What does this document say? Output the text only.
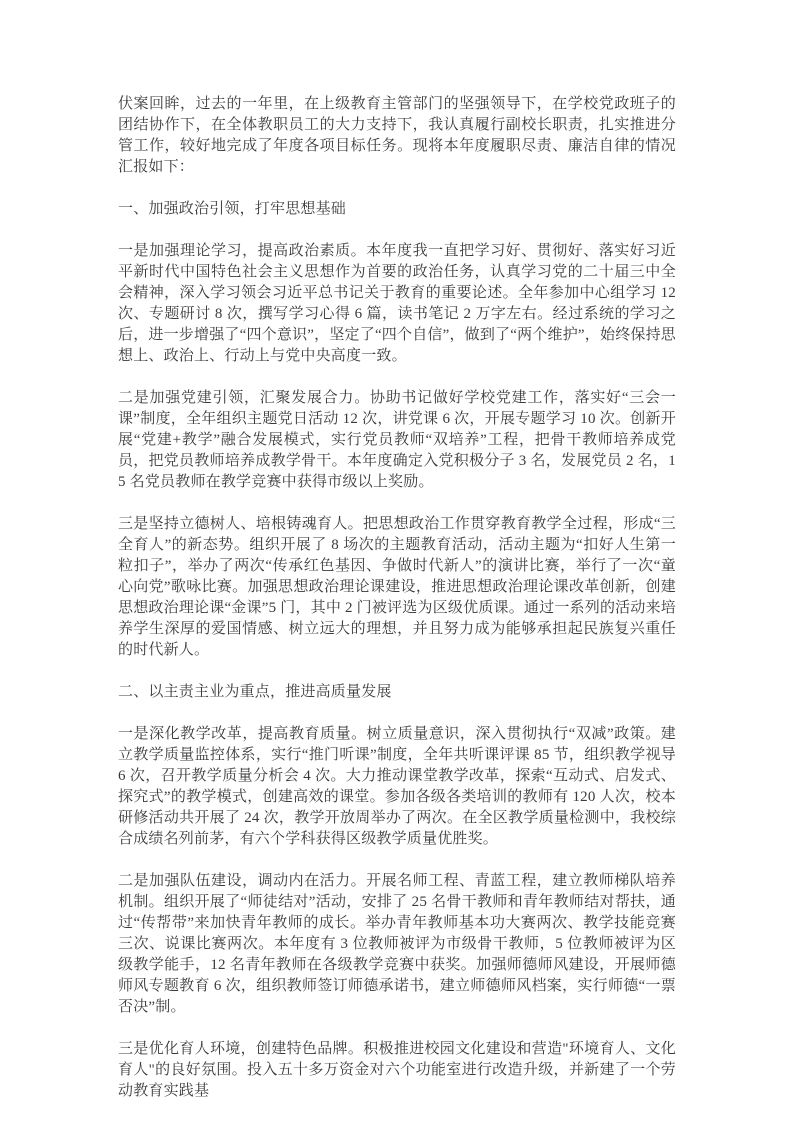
伏案回眸，过去的一年里，在上级教育主管部门的坚强领导下，在学校党政班子的团结协作下，在全体教职员工的大力支持下，我认真履行副校长职责，扎实推进分管工作，较好地完成了年度各项目标任务。现将本年度履职尽责、廉洁自律的情况汇报如下：

一、加强政治引领，打牢思想基础

一是加强理论学习，提高政治素质。本年度我一直把学习好、贯彻好、落实好习近平新时代中国特色社会主义思想作为首要的政治任务，认真学习党的二十届三中全会精神，深入学习领会习近平总书记关于教育的重要论述。全年参加中心组学习 12 次、专题研讨 8 次，撰写学习心得 6 篇，读书笔记 2 万字左右。经过系统的学习之后，进一步增强了“四个意识”，坚定了“四个自信”，做到了“两个维护”，始终保持思想上、政治上、行动上与党中央高度一致。

二是加强党建引领，汇聚发展合力。协助书记做好学校党建工作，落实好“三会一课”制度，全年组织主题党日活动 12 次，讲党课 6 次，开展专题学习 10 次。创新开展“党建+教学”融合发展模式，实行党员教师“双培养”工程，把骨干教师培养成党员，把党员教师培养成教学骨干。本年度确定入党积极分子 3 名，发展党员 2 名，15 名党员教师在教学竞赛中获得市级以上奖励。

三是坚持立德树人、培根铸魂育人。把思想政治工作贯穿教育教学全过程，形成“三全育人”的新态势。组织开展了 8 场次的主题教育活动，活动主题为“扣好人生第一粒扣子”，举办了两次“传承红色基因、争做时代新人”的演讲比赛，举行了一次“童心向党”歌咏比赛。加强思想政治理论课建设，推进思想政治理论课改革创新，创建思想政治理论课“金课”5 门，其中 2 门被评选为区级优质课。通过一系列的活动来培养学生深厚的爱国情感、树立远大的理想，并且努力成为能够承担起民族复兴重任的时代新人。

二、以主责主业为重点，推进高质量发展

一是深化教学改革，提高教育质量。树立质量意识，深入贯彻执行“双减”政策。建立教学质量监控体系，实行“推门听课”制度，全年共听课评课 85 节，组织教学视导 6 次，召开教学质量分析会 4 次。大力推动课堂教学改革，探索“互动式、启发式、探究式”的教学模式，创建高效的课堂。参加各级各类培训的教师有 120 人次，校本研修活动共开展了 24 次，教学开放周举办了两次。在全区教学质量检测中，我校综合成绩名列前茅，有六个学科获得区级教学质量优胜奖。

二是加强队伍建设，调动内在活力。开展名师工程、青蓝工程，建立教师梯队培养机制。组织开展了“师徒结对”活动，安排了 25 名骨干教师和青年教师结对帮扶，通过“传帮带”来加快青年教师的成长。举办青年教师基本功大赛两次、教学技能竞赛三次、说课比赛两次。本年度有 3 位教师被评为市级骨干教师，5 位教师被评为区级教学能手，12 名青年教师在各级教学竞赛中获奖。加强师德师风建设，开展师德师风专题教育 6 次，组织教师签订师德承诺书，建立师德师风档案，实行师德“一票否决”制。

三是优化育人环境，创建特色品牌。积极推进校园文化建设和营造"环境育人、文化育人"的良好氛围。投入五十多万资金对六个功能室进行改造升级，并新建了一个劳动教育实践基
